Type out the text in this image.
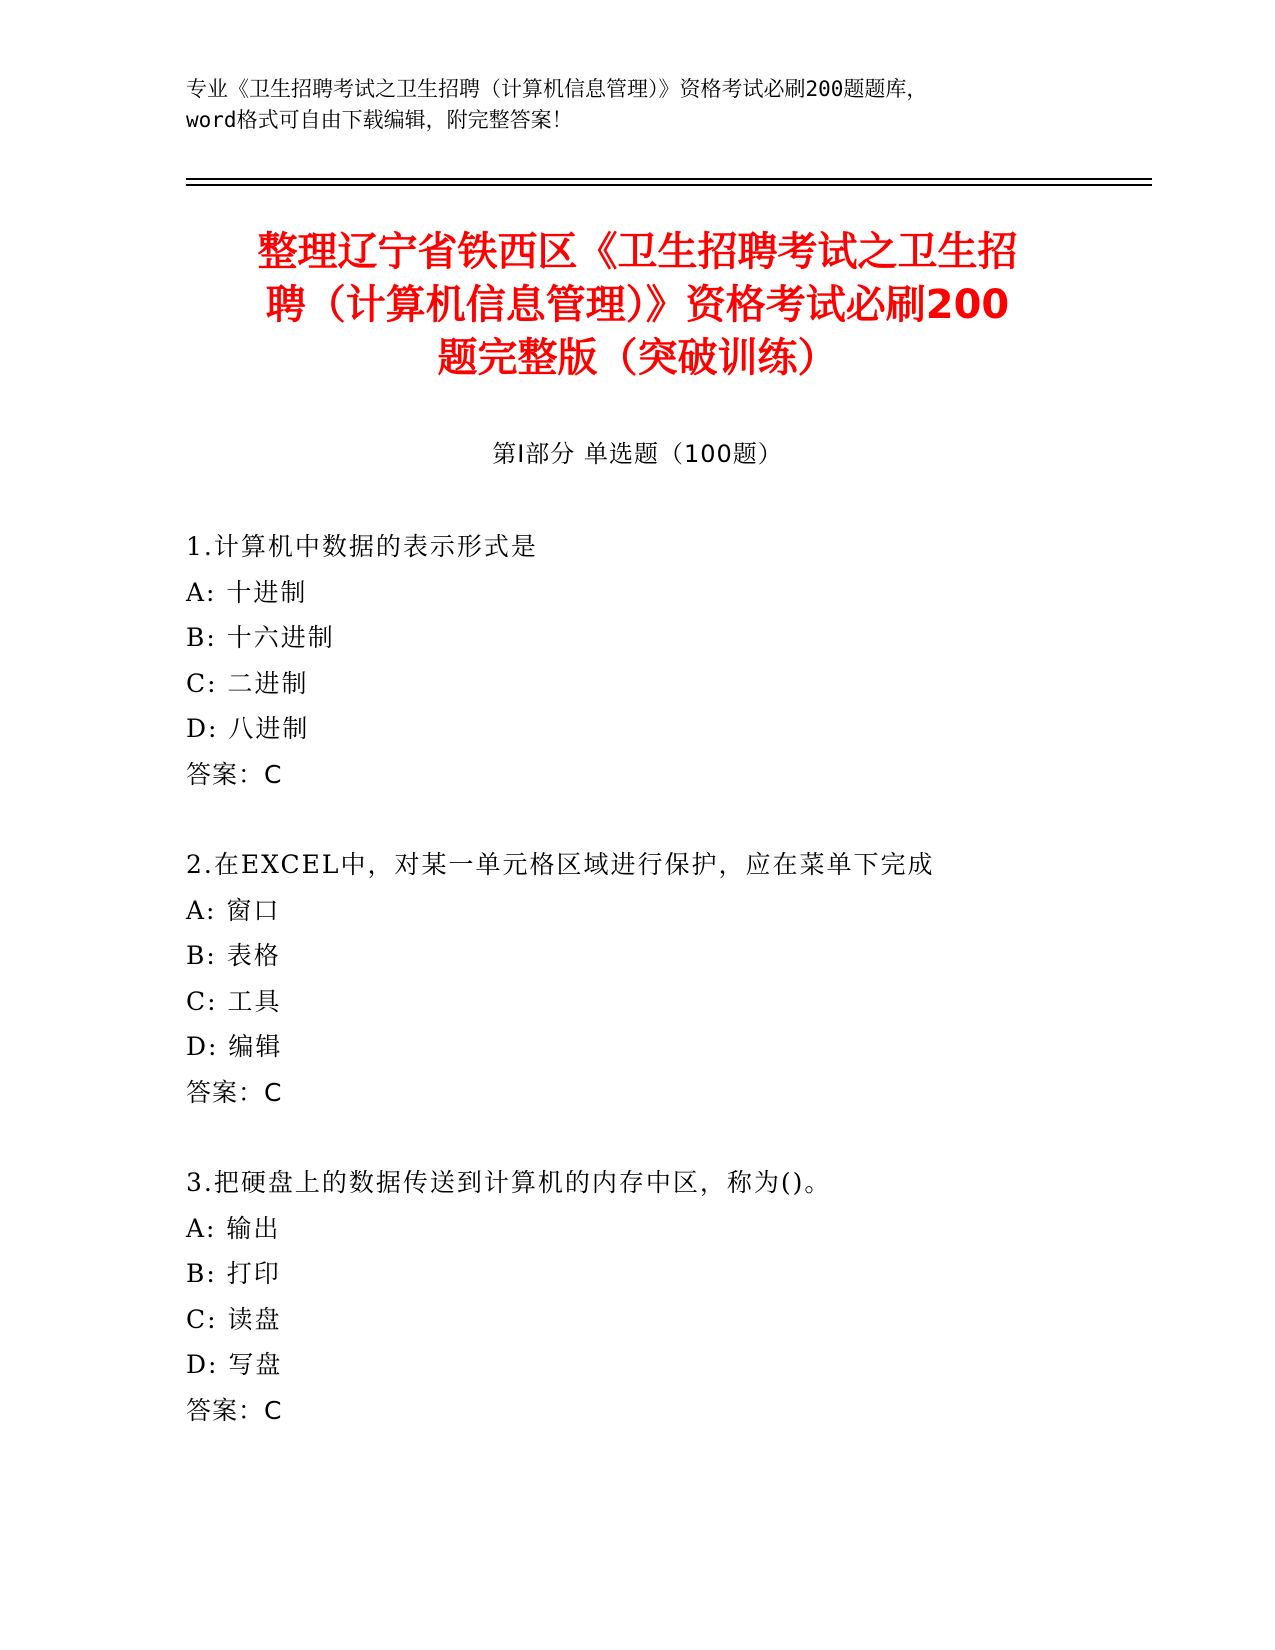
专业《卫生招聘考试之卫生招聘（计算机信息管理）》资格考试必刷200题题库，
word格式可自由下载编辑，附完整答案！
整理辽宁省铁西区《卫生招聘考试之卫生招
聘（计算机信息管理）》资格考试必刷200
题完整版（突破训练）
第Ⅰ部分 单选题（100题）
1.计算机中数据的表示形式是
A: 十进制
B: 十六进制
C: 二进制
D: 八进制
答案：C
2.在EXCEL中，对某一单元格区域进行保护，应在菜单下完成
A: 窗口
B: 表格
C: 工具
D: 编辑
答案：C
3.把硬盘上的数据传送到计算机的内存中区，称为()。
A: 输出
B: 打印
C: 读盘
D: 写盘
答案：C
